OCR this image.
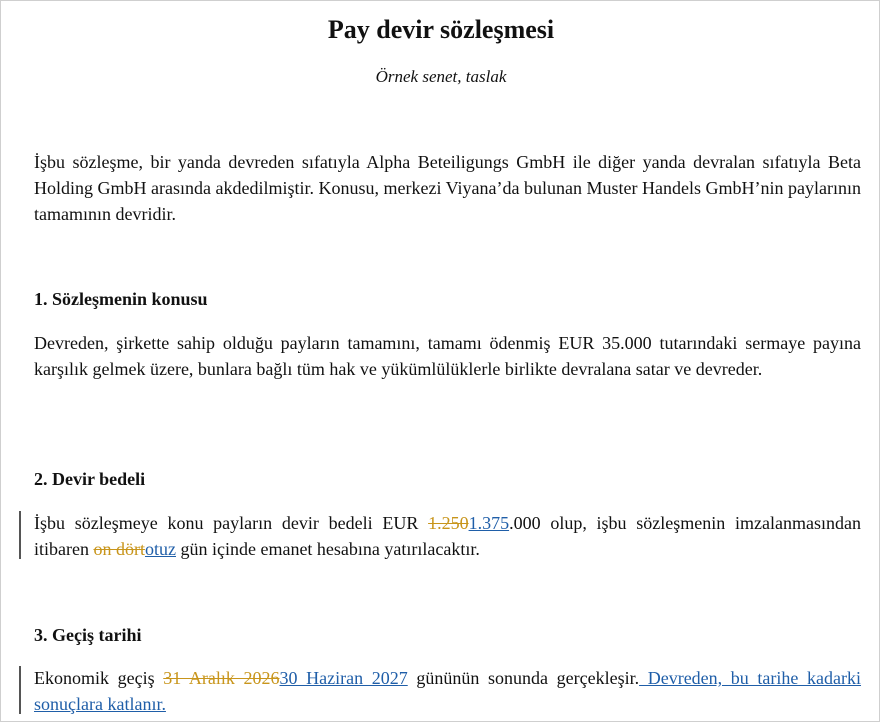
Pay devir sözleşmesi
Örnek senet, taslak

İşbu sözleşme, bir yanda devreden sıfatıyla Alpha Beteiligungs GmbH ile diğer yanda devralan sıfatıyla Beta Holding GmbH arasında akdedilmiştir. Konusu, merkezi Viyana’da bulunan Muster Handels GmbH’nin paylarının tamamının devridir.

1. Sözleşmenin konusu

Devreden, şirkette sahip olduğu payların tamamını, tamamı ödenmiş EUR 35.000 tutarındaki sermaye payına karşılık gelmek üzere, bunlara bağlı tüm hak ve yükümlülüklerle birlikte devralana satar ve devreder.

2. Devir bedeli

İşbu sözleşmeye konu payların devir bedeli EUR 1.2501.375.000 olup, işbu sözleşmenin imzalanmasından itibaren on dörtotuz gün içinde emanet hesabına yatırılacaktır.

3. Geçiş tarihi

Ekonomik geçiş 31 Aralık 202630 Haziran 2027 gününün sonunda gerçekleşir. Devreden, bu tarihe kadarki sonuçlara katlanır.
